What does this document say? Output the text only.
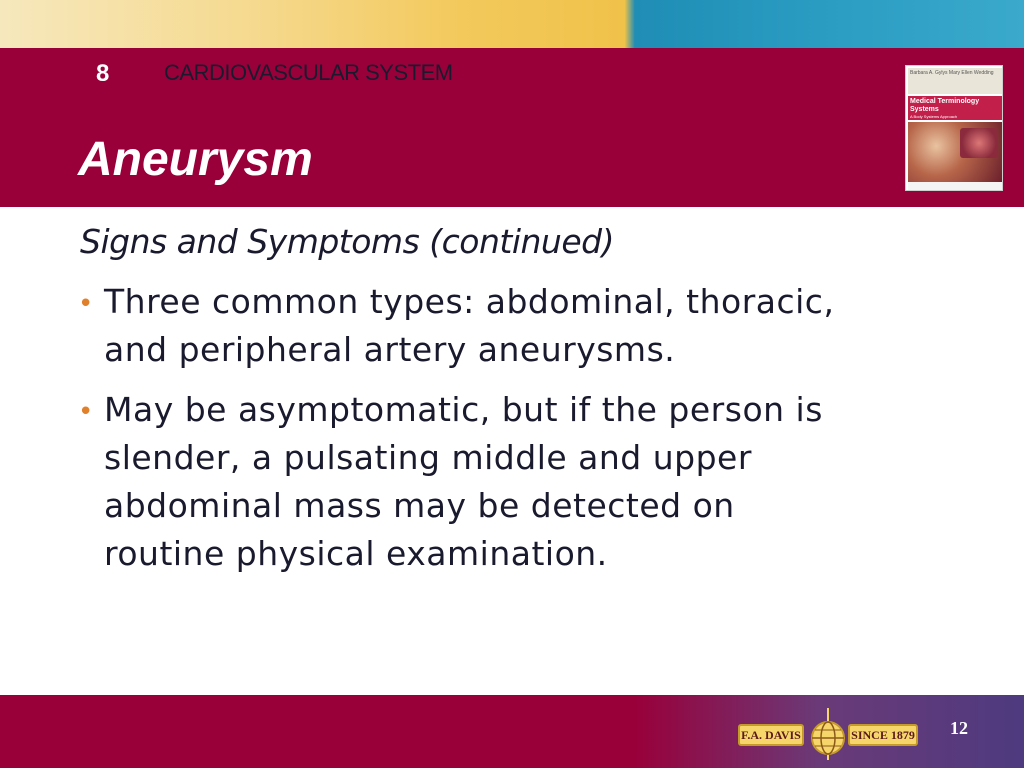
8 CARDIOVASCULAR SYSTEM
Aneurysm
Barbara A. Gylys Mary Ellen Wedding
Medical Terminology Systems
A Body Systems Approach
Signs and Symptoms (continued)
• Three common types: abdominal, thoracic, and peripheral artery aneurysms.
• May be asymptomatic, but if the person is slender, a pulsating middle and upper abdominal mass may be detected on routine physical examination.
F.A. DAVIS	SINCE 1879 12
